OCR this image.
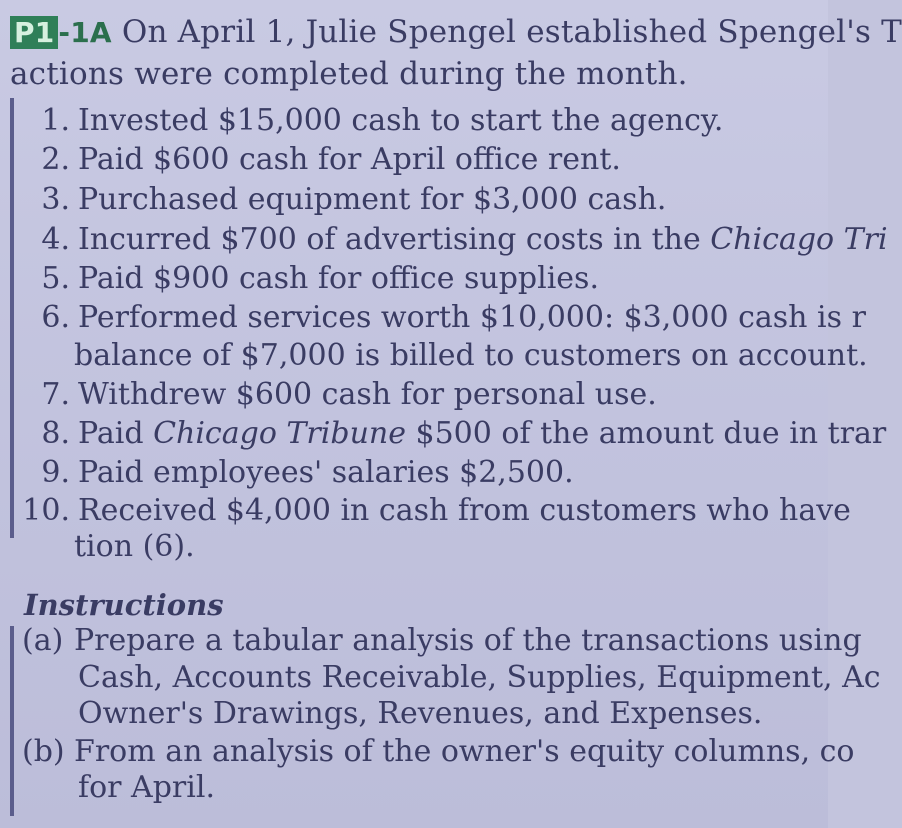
P1 -1A On April 1, Julie Spengel established Spengel's T
actions were completed during the month.
1. Invested $15,000 cash to start the agency.
2. Paid $600 cash for April office rent.
3. Purchased equipment for $3,000 cash.
4. Incurred $700 of advertising costs in the Chicago Tri
5. Paid $900 cash for office supplies.
6. Performed services worth $10,000: $3,000 cash is r
balance of $7,000 is billed to customers on account.
7. Withdrew $600 cash for personal use.
8. Paid Chicago Tribune $500 of the amount due in trar
9. Paid employees' salaries $2,500.
10. Received $4,000 in cash from customers who have
tion (6).
Instructions
(a) Prepare a tabular analysis of the transactions using
Cash, Accounts Receivable, Supplies, Equipment, Ac
Owner's Drawings, Revenues, and Expenses.
(b) From an analysis of the owner's equity columns, co
for April.
